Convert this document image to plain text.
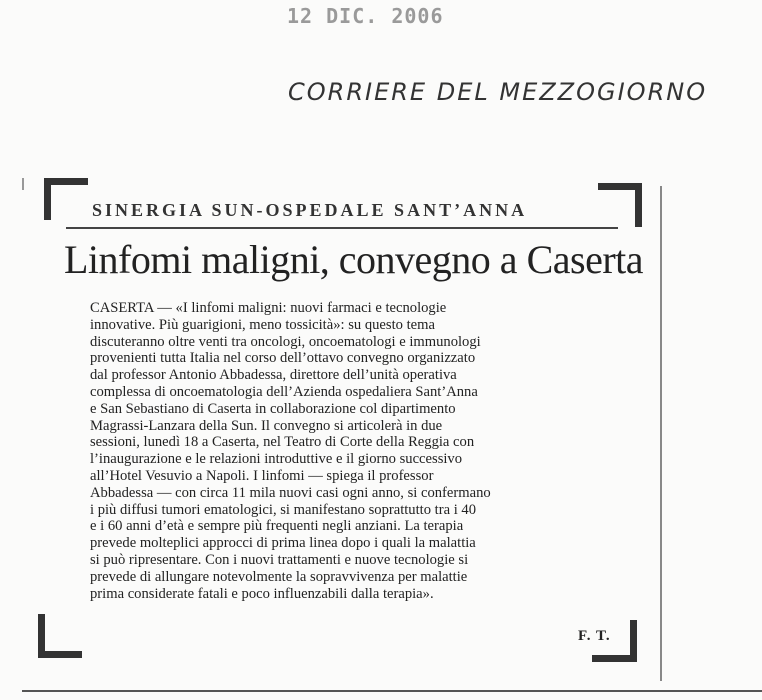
12 DIC. 2006
CORRIERE DEL MEZZOGIORNO
SINERGIA SUN-OSPEDALE SANT’ANNA
Linfomi maligni, convegno a Caserta

CASERTA — «I linfomi maligni: nuovi farmaci e tecnologie

innovative. Più guarigioni, meno tossicità»: su questo tema

discuteranno oltre venti tra oncologi, oncoematologi e immunologi

provenienti tutta Italia nel corso dell’ottavo convegno organizzato

dal professor Antonio Abbadessa, direttore dell’unità operativa

complessa di oncoematologia dell’Azienda ospedaliera Sant’Anna

e San Sebastiano di Caserta in collaborazione col dipartimento

Magrassi-Lanzara della Sun. Il convegno si articolerà in due

sessioni, lunedì 18 a Caserta, nel Teatro di Corte della Reggia con

l’inaugurazione e le relazioni introduttive e il giorno successivo

all’Hotel Vesuvio a Napoli. I linfomi — spiega il professor

Abbadessa — con circa 11 mila nuovi casi ogni anno, si confermano

i più diffusi tumori ematologici, si manifestano soprattutto tra i 40

e i 60 anni d’età e sempre più frequenti negli anziani. La terapia

prevede molteplici approcci di prima linea dopo i quali la malattia

si può ripresentare. Con i nuovi trattamenti e nuove tecnologie si

prevede di allungare notevolmente la sopravvivenza per malattie

prima considerate fatali e poco influenzabili dalla terapia».

F. T.
